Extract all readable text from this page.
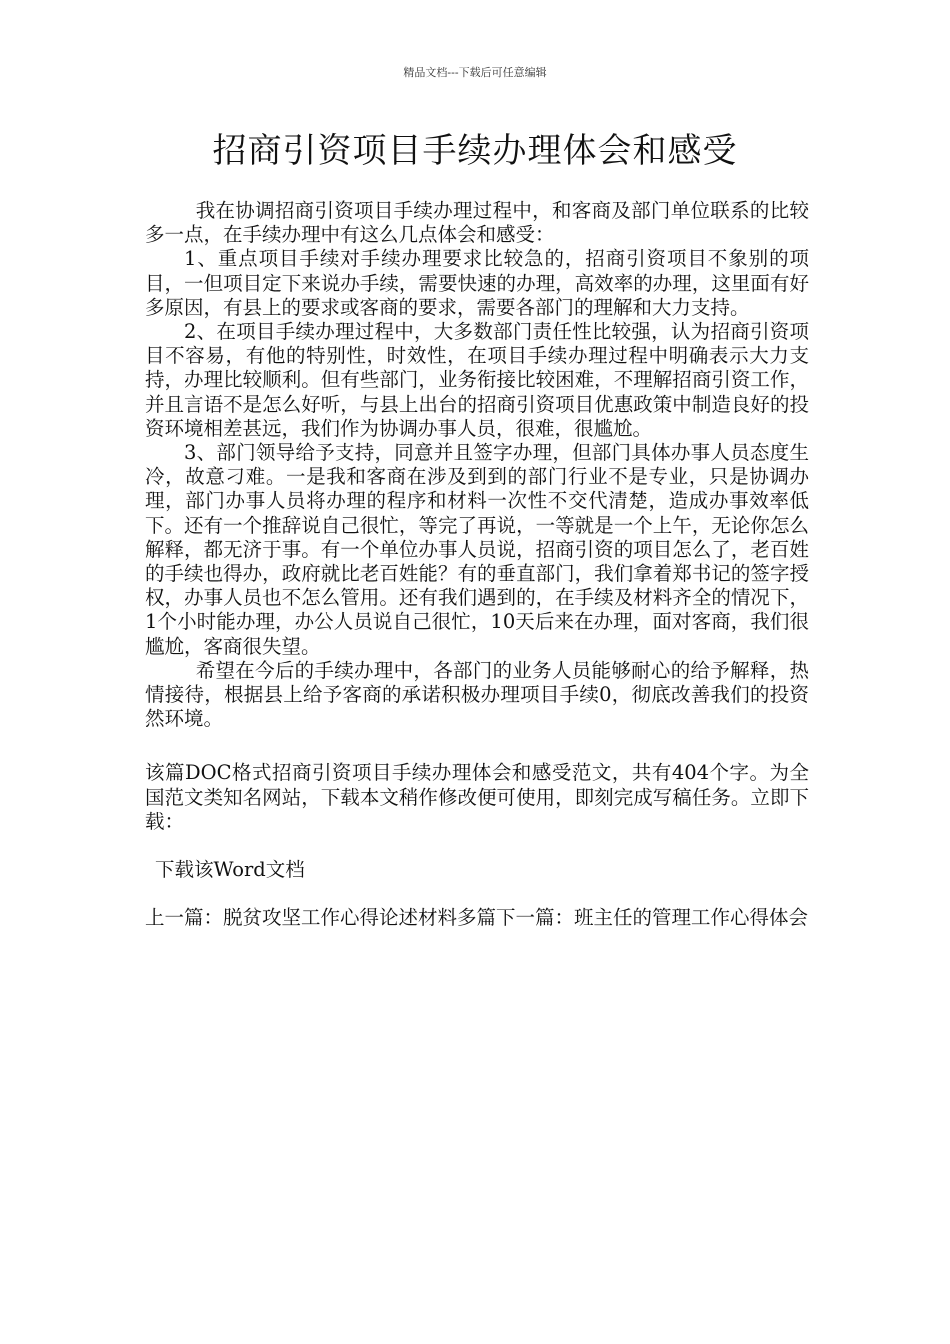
精品文档---下载后可任意编辑
招商引资项目手续办理体会和感受

我在协调招商引资项目手续办理过程中，和客商及部门单位联系的比较多一点，在手续办理中有这么几点体会和感受：

1、重点项目手续对手续办理要求比较急的，招商引资项目不象别的项目，一但项目定下来说办手续，需要快速的办理，高效率的办理，这里面有好多原因，有县上的要求或客商的要求，需要各部门的理解和大力支持。

2、在项目手续办理过程中，大多数部门责任性比较强，认为招商引资项目不容易，有他的特别性，时效性，在项目手续办理过程中明确表示大力支持，办理比较顺利。但有些部门，业务衔接比较困难，不理解招商引资工作，并且言语不是怎么好听，与县上出台的招商引资项目优惠政策中制造良好的投资环境相差甚远，我们作为协调办事人员，很难，很尴尬。

3、部门领导给予支持，同意并且签字办理，但部门具体办事人员态度生冷，故意刁难。一是我和客商在涉及到到的部门行业不是专业，只是协调办理，部门办事人员将办理的程序和材料一次性不交代清楚，造成办事效率低下。还有一个推辞说自己很忙，等完了再说，一等就是一个上午，无论你怎么解释，都无济于事。有一个单位办事人员说，招商引资的项目怎么了，老百姓的手续也得办，政府就比老百姓能？有的垂直部门，我们拿着郑书记的签字授权，办事人员也不怎么管用。还有我们遇到的，在手续及材料齐全的情况下，1个小时能办理，办公人员说自己很忙，10天后来在办理，面对客商，我们很尴尬，客商很失望。

希望在今后的手续办理中，各部门的业务人员能够耐心的给予解释，热情接待，根据县上给予客商的承诺积极办理项目手续0，彻底改善我们的投资然环境。

该篇DOC格式招商引资项目手续办理体会和感受范文，共有404个字。为全国范文类知名网站，下载本文稍作修改便可使用，即刻完成写稿任务。立即下载：

下载该Word文档
上一篇：脱贫攻坚工作心得论述材料多篇下一篇：班主任的管理工作心得体会
